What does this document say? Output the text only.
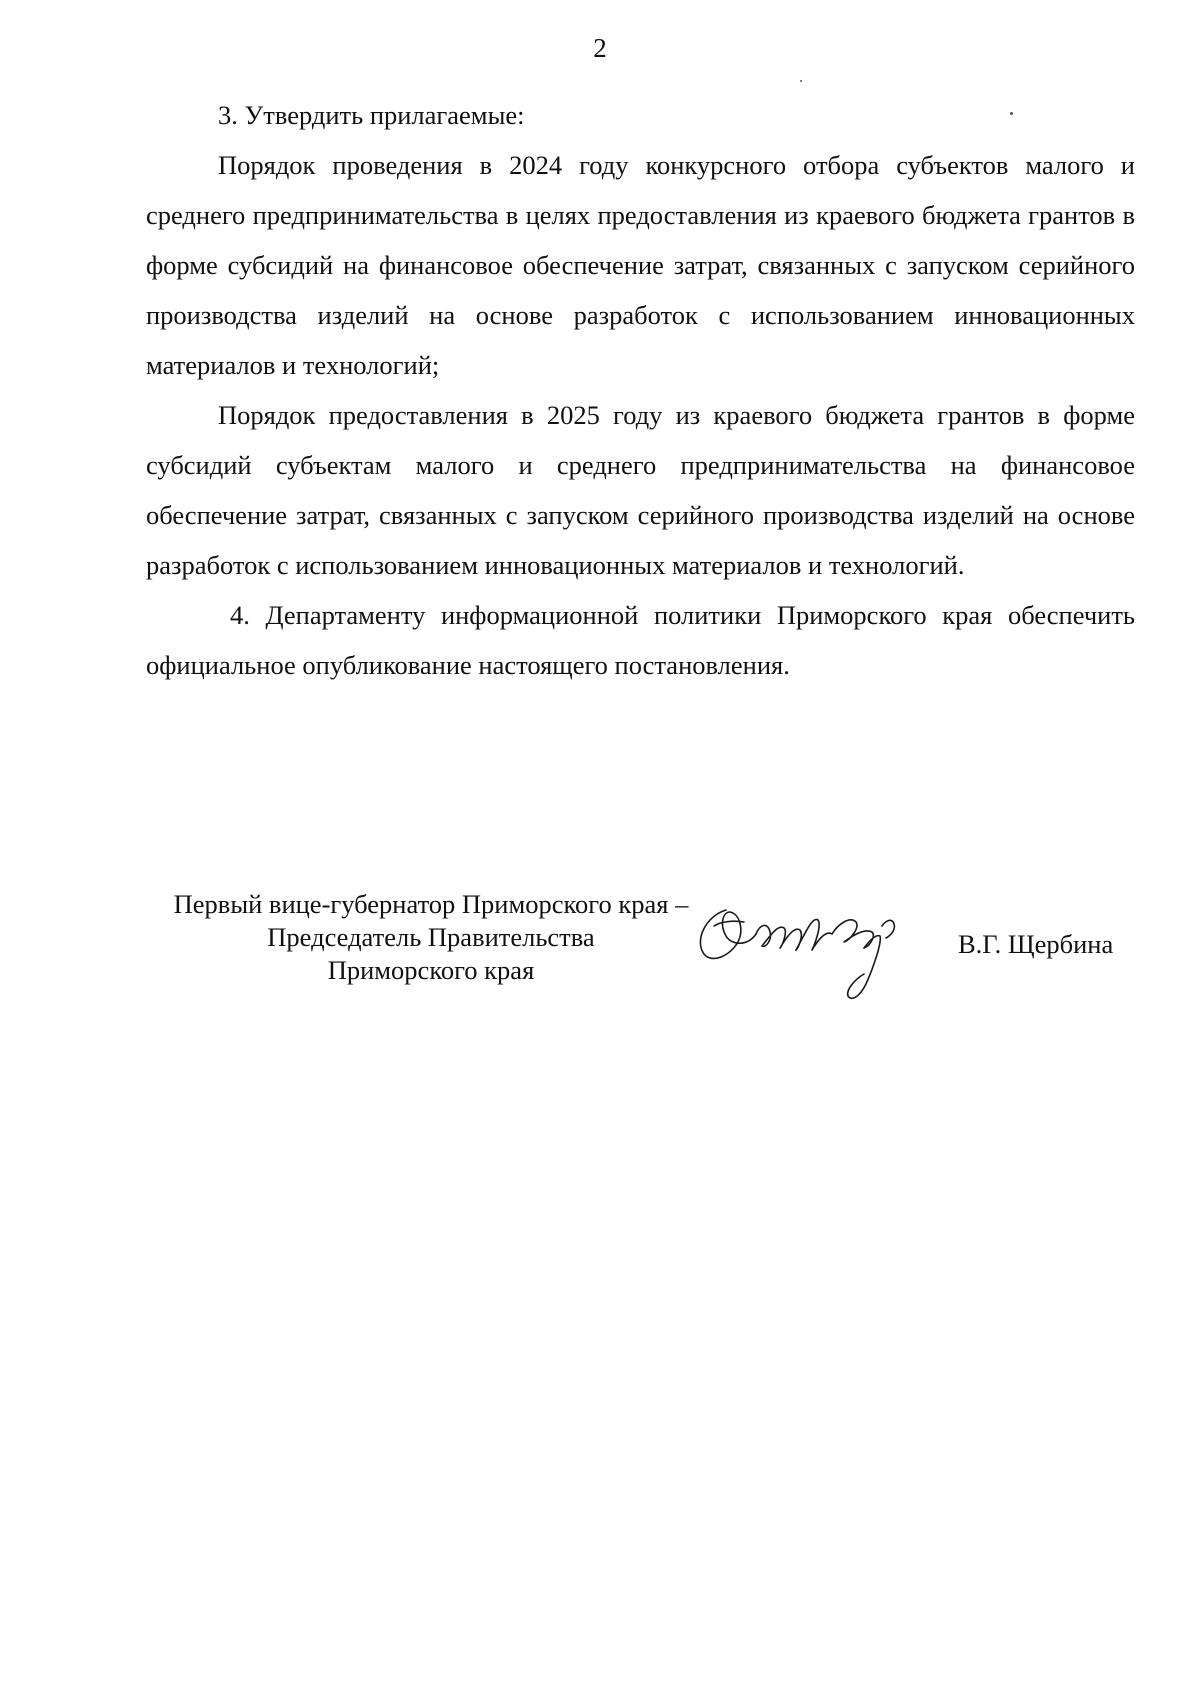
2

3. Утвердить прилагаемые:

Порядок проведения в 2024 году конкурсного отбора субъектов малого и среднего предпринимательства в целях предоставления из краевого бюджета грантов в форме субсидий на финансовое обеспечение затрат, связанных с запуском серийного производства изделий на основе разработок с использованием инновационных материалов и технологий;

Порядок предоставления в 2025 году из краевого бюджета грантов в форме субсидий субъектам малого и среднего предпринимательства на финансовое обеспечение затрат, связанных с запуском серийного производства изделий на основе разработок с использованием инновационных материалов и технологий.

4. Департаменту информационной политики Приморского края обеспечить официальное опубликование настоящего постановления.

Первый вице-губернатор Приморского края –
Председатель Правительства
Приморского края
В.Г. Щербина
